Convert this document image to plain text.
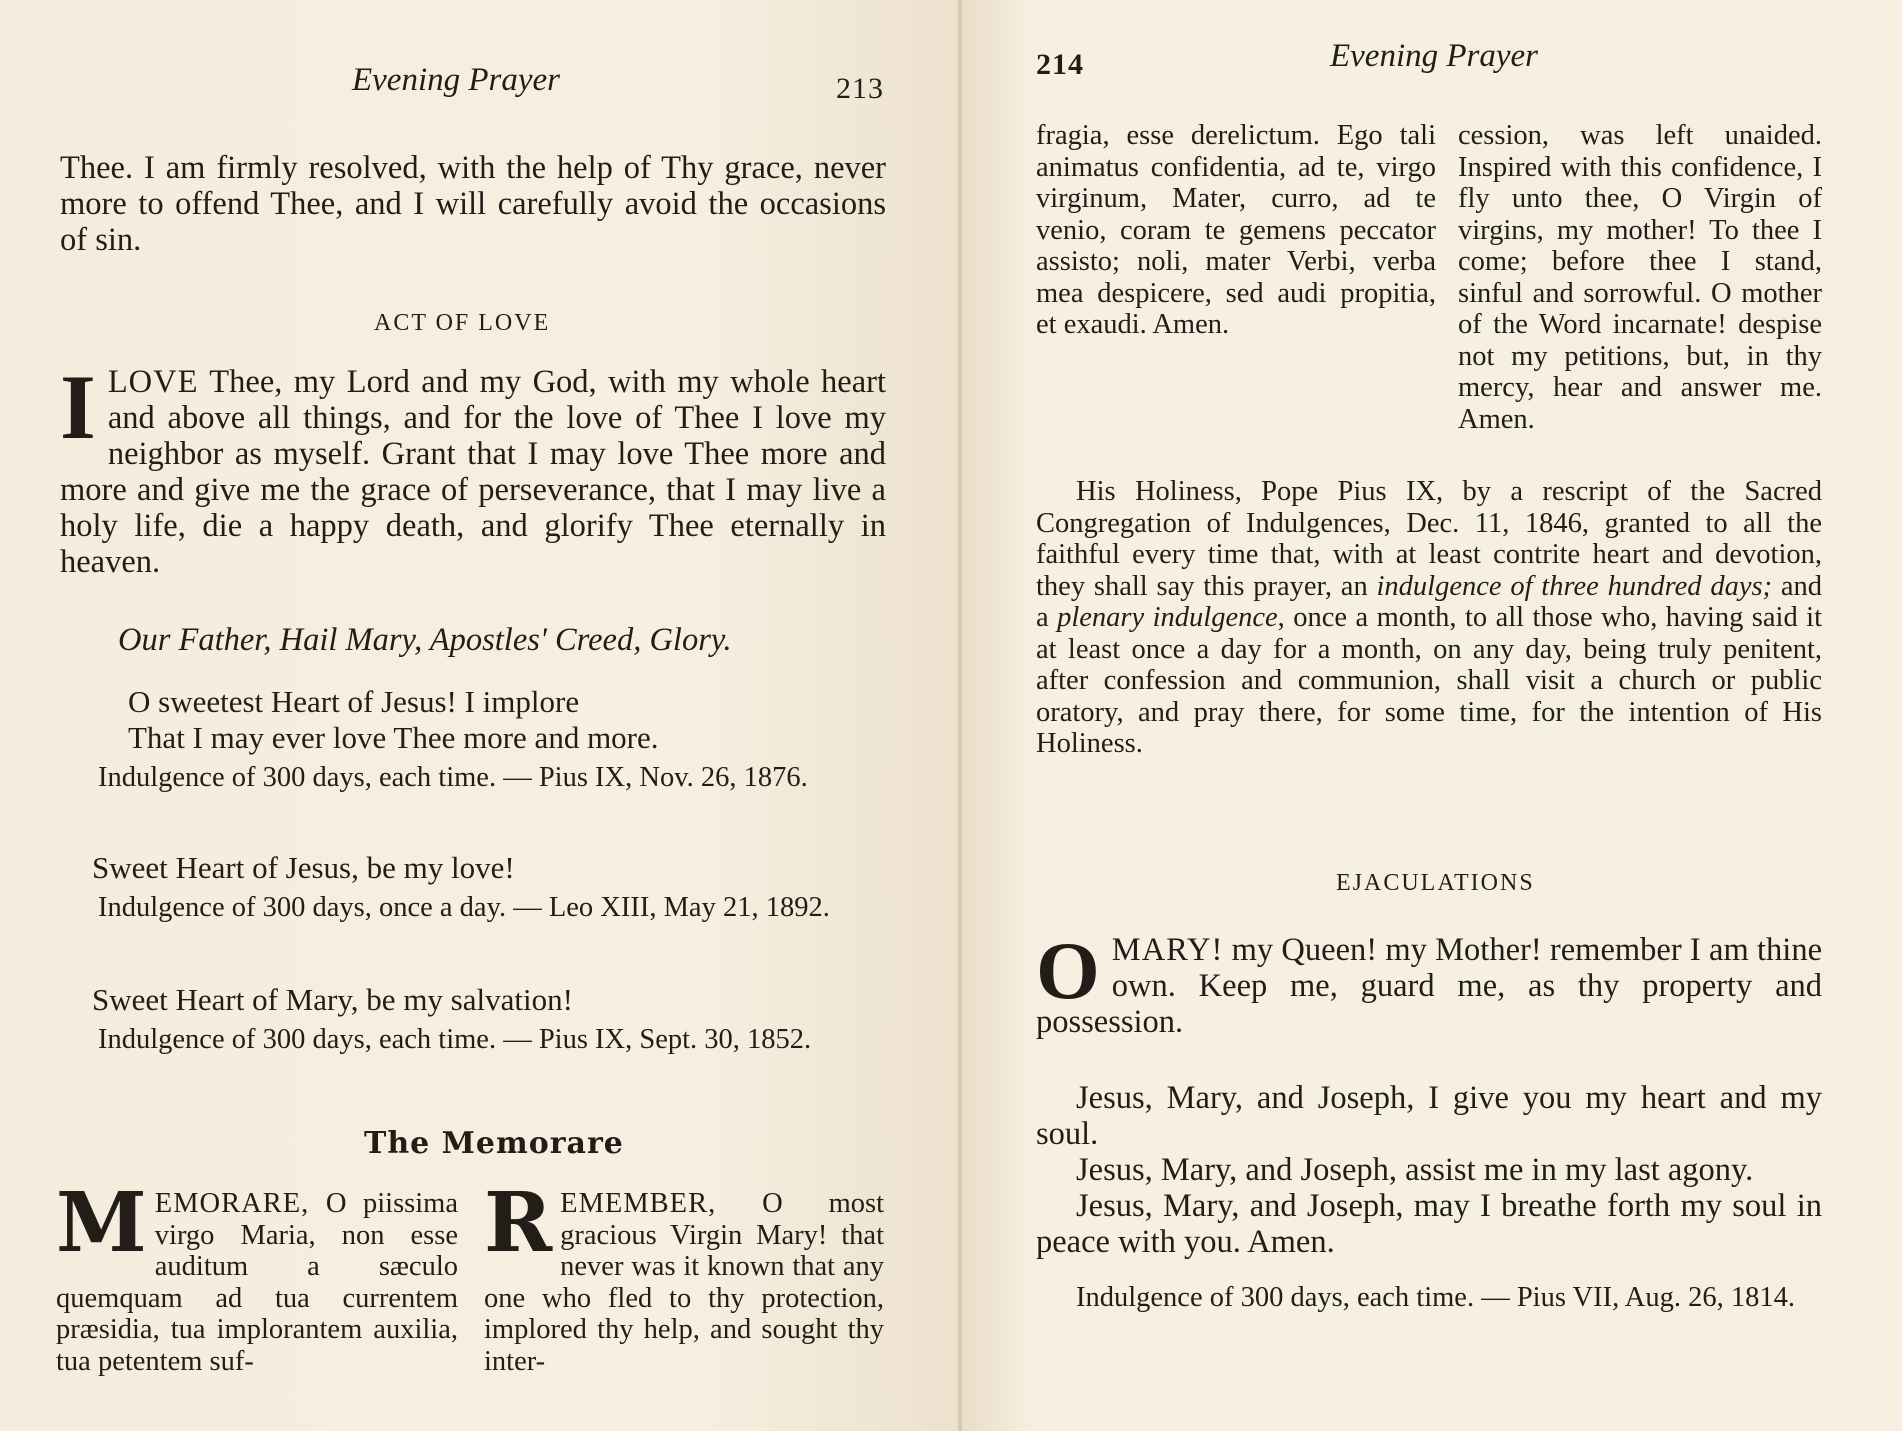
Evening Prayer	213

Thee. I am firmly resolved, with the help of Thy grace, never more to offend Thee, and I will carefully avoid the occasions of sin.

ACT OF LOVE
ILOVE Thee, my Lord and my God, with my whole heart and above all things, and for the love of Thee I love my neighbor as myself. Grant that I may love Thee more and more and give me the grace of perseverance, that I may live a holy life, die a happy death, and glorify Thee eternally in heaven.

Our Father, Hail Mary, Apostles' Creed, Glory.

O sweetest Heart of Jesus! I implore
That I may ever love Thee more and more.

Indulgence of 300 days, each time. — Pius IX, Nov. 26, 1876.

Sweet Heart of Jesus, be my love!

Indulgence of 300 days, once a day. — Leo XIII, May 21, 1892.

Sweet Heart of Mary, be my salvation!

Indulgence of 300 days, each time. — Pius IX, Sept. 30, 1852.

The Memorare
MEMORARE, O piissima virgo Maria, non esse auditum a sæculo quemquam ad tua currentem præsidia, tua implorantem auxilia, tua petentem suf-
REMEMBER, O most gracious Virgin Mary! that never was it known that any one who fled to thy protection, implored thy help, and sought thy inter-
214	Evening Prayer

fragia, esse derelictum. Ego tali animatus confidentia, ad te, virgo virginum, Mater, curro, ad te venio, coram te gemens peccator assisto; noli, mater Verbi, verba mea despicere, sed audi propitia, et exaudi. Amen.

cession, was left unaided. Inspired with this confidence, I fly unto thee, O Virgin of virgins, my mother! To thee I come; before thee I stand, sinful and sorrowful. O mother of the Word incarnate! despise not my petitions, but, in thy mercy, hear and answer me. Amen.

His Holiness, Pope Pius IX, by a rescript of the Sacred Congregation of Indulgences, Dec. 11, 1846, granted to all the faithful every time that, with at least contrite heart and devotion, they shall say this prayer, an indulgence of three hundred days; and a plenary indulgence, once a month, to all those who, having said it at least once a day for a month, on any day, being truly penitent, after confession and communion, shall visit a church or public oratory, and pray there, for some time, for the intention of His Holiness.
EJACULATIONS
OMARY! my Queen! my Mother! remember I am thine own. Keep me, guard me, as thy property and possession.

Jesus, Mary, and Joseph, I give you my heart and my soul.

Jesus, Mary, and Joseph, assist me in my last agony.

Jesus, Mary, and Joseph, may I breathe forth my soul in peace with you. Amen.

Indulgence of 300 days, each time. — Pius VII, Aug. 26, 1814.
